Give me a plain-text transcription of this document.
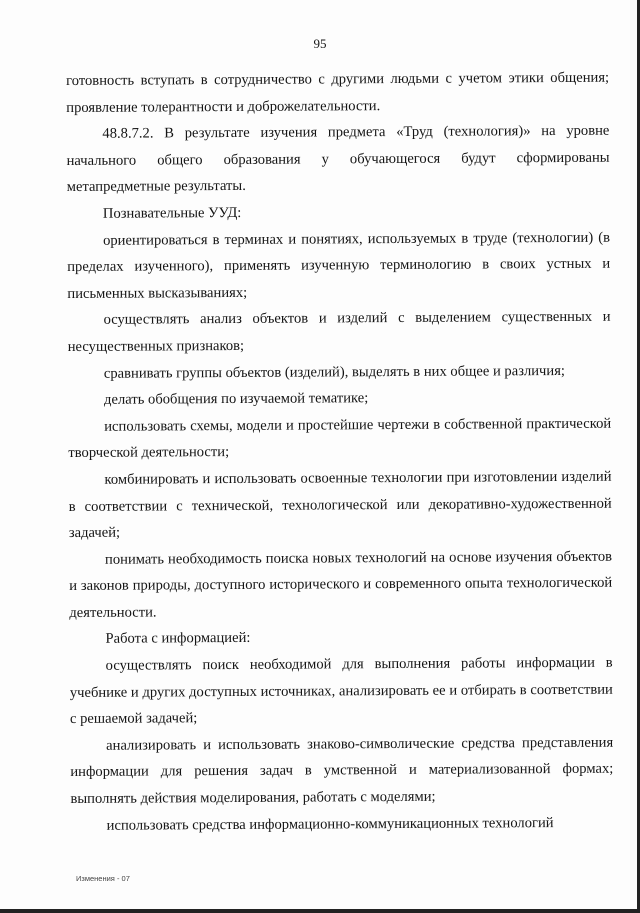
95

готовность вступать в сотрудничество с другими людьми с учетом этики общения; проявление толерантности и доброжелательности.

48.8.7.2. В результате изучения предмета «Труд (технология)» на уровне начального общего образования у обучающегося будут сформированы метапредметные результаты.

Познавательные УУД:

ориентироваться в терминах и понятиях, используемых в труде (технологии) (в пределах изученного), применять изученную терминологию в своих устных и письменных высказываниях;

осуществлять анализ объектов и изделий с выделением существенных и несущественных признаков;

сравнивать группы объектов (изделий), выделять в них общее и различия;

делать обобщения по изучаемой тематике;

использовать схемы, модели и простейшие чертежи в собственной практической творческой деятельности;

комбинировать и использовать освоенные технологии при изготовлении изделий в соответствии с технической, технологической или декоративно-художественной задачей;

понимать необходимость поиска новых технологий на основе изучения объектов и законов природы, доступного исторического и современного опыта технологической деятельности.

Работа с информацией:

осуществлять поиск необходимой для выполнения работы информации в учебнике и других доступных источниках, анализировать ее и отбирать в соответствии с решаемой задачей;

анализировать и использовать знаково-символические средства представления информации для решения задач в умственной и материализованной формах; выполнять действия моделирования, работать с моделями;

использовать средства информационно-коммуникационных технологий

Изменения - 07
